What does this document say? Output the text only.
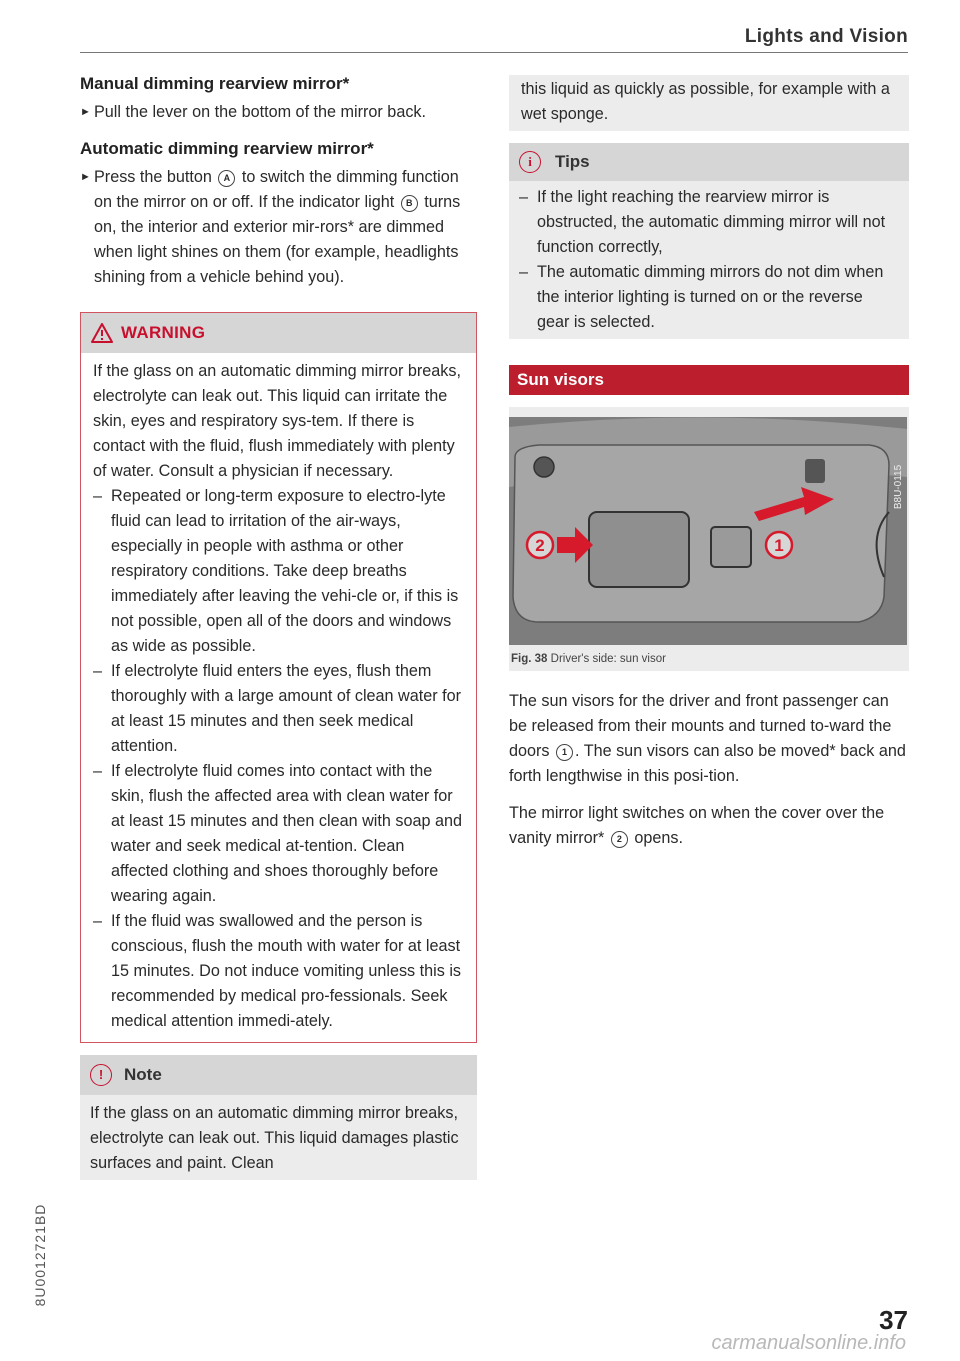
Lights and Vision
8U0012721BD
Manual dimming rearview mirror*

► Pull the lever on the bottom of the mirror back.

Automatic dimming rearview mirror*

► Press the button A to switch the dimming function on the mirror on or off. If the indicator light B turns on, the interior and exterior mir-rors* are dimmed when light shines on them (for example, headlights shining from a vehicle behind you).

WARNING

If the glass on an automatic dimming mirror breaks, electrolyte can leak out. This liquid can irritate the skin, eyes and respiratory sys-tem. If there is contact with the fluid, flush immediately with plenty of water. Consult a physician if necessary.

– Repeated or long-term exposure to electro-lyte fluid can lead to irritation of the air-ways, especially in people with asthma or other respiratory conditions. Take deep breaths immediately after leaving the vehi-cle or, if this is not possible, open all of the doors and windows as wide as possible.

– If electrolyte fluid enters the eyes, flush them thoroughly with a large amount of clean water for at least 15 minutes and then seek medical attention.

– If electrolyte fluid comes into contact with the skin, flush the affected area with clean water for at least 15 minutes and then clean with soap and water and seek medical at-tention. Clean affected clothing and shoes thoroughly before wearing again.

– If the fluid was swallowed and the person is conscious, flush the mouth with water for at least 15 minutes. Do not induce vomiting unless this is recommended by medical pro-fessionals. Seek medical attention immedi-ately.

!	Note

If the glass on an automatic dimming mirror breaks, electrolyte can leak out. This liquid damages plastic surfaces and paint. Clean

this liquid as quickly as possible, for example with a wet sponge.

i	Tips

– If the light reaching the rearview mirror is obstructed, the automatic dimming mirror will not function correctly,

– The automatic dimming mirrors do not dim when the interior lighting is turned on or the reverse gear is selected.

Sun visors
2	1
B8U-0115
Fig. 38 Driver's side: sun visor

The sun visors for the driver and front passenger can be released from their mounts and turned to-ward the doors 1 . The sun visors can also be moved* back and forth lengthwise in this posi-tion.

The mirror light switches on when the cover over the vanity mirror* 2 opens.

37
carmanualsonline.info
